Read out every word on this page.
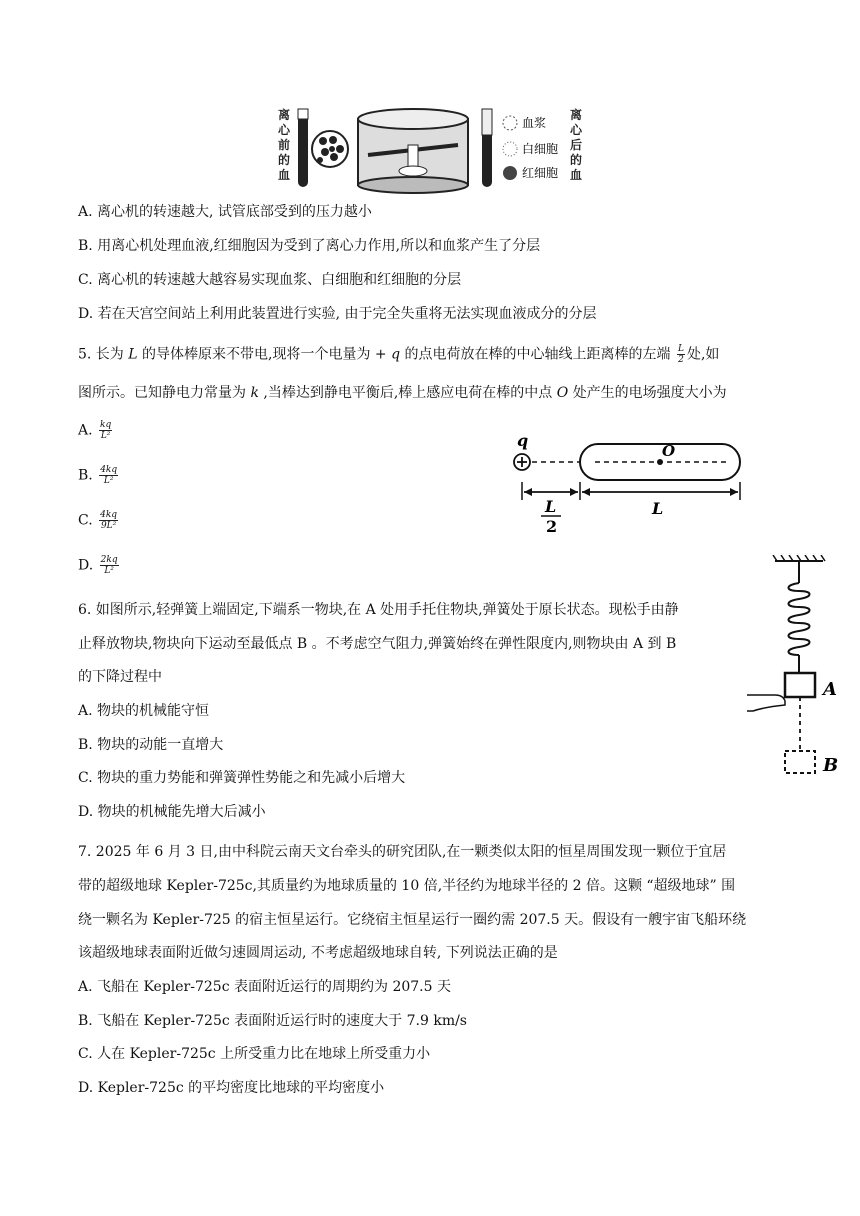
离心前的血
血浆
白细胞
红细胞
离心后的血
A. 离心机的转速越大, 试管底部受到的压力越小
B. 用离心机处理血液,红细胞因为受到了离心力作用,所以和血浆产生了分层
C. 离心机的转速越大越容易实现血浆、白细胞和红细胞的分层
D. 若在天宫空间站上利用此装置进行实验, 由于完全失重将无法实现血液成分的分层
5. 长为 L 的导体棒原来不带电,现将一个电量为 + q 的点电荷放在棒的中心轴线上距离棒的左端 $\frac{L}{2}$ 处,如
图所示。已知静电力常量为 k ,当棒达到静电平衡后,棒上感应电荷在棒的中点 O 处产生的电场强度大小为
A. $\frac{kq}{\text{L²}}$
B. $\frac{4kq}{\text{L²}}$
C. $\frac{4kq}{\text{9L²}}$
D. $\frac{2kq}{\text{L²}}$
q
O
L
2
L
6. 如图所示,轻弹簧上端固定,下端系一物块,在 A 处用手托住物块,弹簧处于原长状态。现松手由静
止释放物块,物块向下运动至最低点 B 。不考虑空气阻力,弹簧始终在弹性限度内,则物块由 A 到 B
的下降过程中
A. 物块的机械能守恒
B. 物块的动能一直增大
C. 物块的重力势能和弹簧弹性势能之和先减小后增大
D. 物块的机械能先增大后减小
A
B
7. 2025 年 6 月 3 日,由中科院云南天文台牵头的研究团队,在一颗类似太阳的恒星周围发现一颗位于宜居
带的超级地球 Kepler-725c,其质量约为地球质量的 10 倍,半径约为地球半径的 2 倍。这颗 “超级地球” 围
绕一颗名为 Kepler-725 的宿主恒星运行。它绕宿主恒星运行一圈约需 207.5 天。假设有一艘宇宙飞船环绕
该超级地球表面附近做匀速圆周运动, 不考虑超级地球自转, 下列说法正确的是
A. 飞船在 Kepler-725c 表面附近运行的周期约为 207.5 天
B. 飞船在 Kepler-725c 表面附近运行时的速度大于 7.9 km/s
C. 人在 Kepler-725c 上所受重力比在地球上所受重力小
D. Kepler-725c 的平均密度比地球的平均密度小
